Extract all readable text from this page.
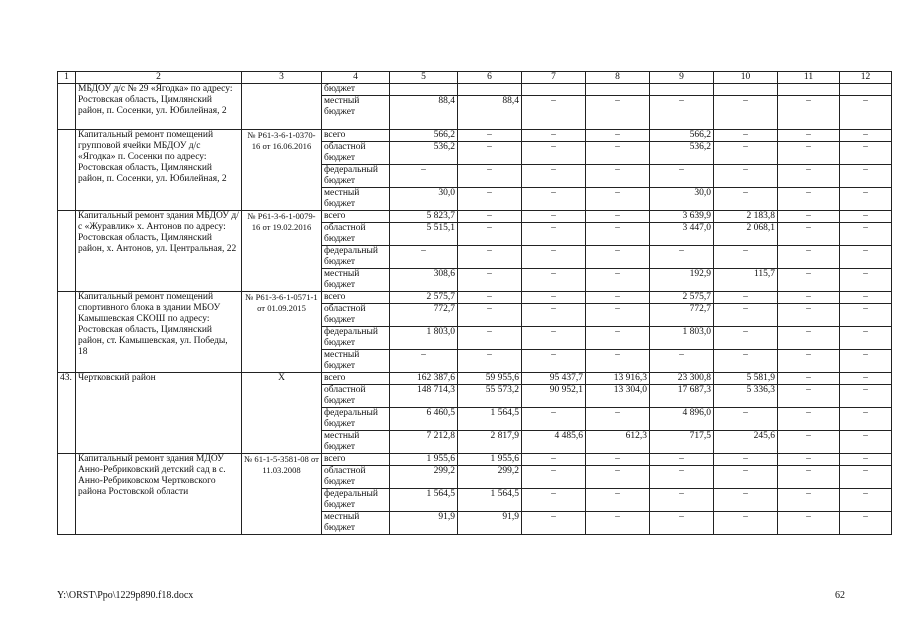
1	2	3	4	5	6	7	8	9	10	11	12
	МБДОУ д/с № 29 «Ягодка» по адресу: Ростовская область, Цимлянский район, п. Сосенки, ул. Юбилейная, 2		бюджет								
			местный бюджет	88,4	88,4	–	–	–	–	–	–
	Капитальный ремонт помещений групповой ячейки МБДОУ д/с «Ягодка» п. Сосенки по адресу: Ростовская область, Цимлянский район, п. Сосенки, ул. Юбилейная, 2	№ Р61-3-6-1-0370-16 от 16.06.2016	всего	566,2	–	–	–	566,2	–	–	–
			областной бюджет	536,2	–	–	–	536,2	–	–	–
			федеральный бюджет	–	–	–	–	–	–	–	–
			местный бюджет	30,0	–	–	–	30,0	–	–	–
	Капитальный ремонт здания МБДОУ д/с «Журавлик» х. Антонов по адресу: Ростовская область, Цимлянский район, х. Антонов, ул. Центральная, 22	№ Р61-3-6-1-0079-16 от 19.02.2016	всего	5 823,7	–	–	–	3 639,9	2 183,8	–	–
			областной бюджет	5 515,1	–	–	–	3 447,0	2 068,1	–	–
			федеральный бюджет	–	–	–	–	–	–	–	–
			местный бюджет	308,6	–	–	–	192,9	115,7	–	–
	Капитальный ремонт помещений спортивного блока в здании МБОУ Камышевская СКОШ по адресу: Ростовская область, Цимлянский район, ст. Камышевская, ул. Победы, 18	№ Р61-3-6-1-0571-1 от 01.09.2015	всего	2 575,7	–	–	–	2 575,7	–	–	–
			областной бюджет	772,7	–	–	–	772,7	–	–	–
			федеральный бюджет	1 803,0	–	–	–	1 803,0	–	–	–
			местный бюджет	–	–	–	–	–	–	–	–
43.	Чертковский район	Х	всего	162 387,6	59 955,6	95 437,7	13 916,3	23 300,8	5 581,9	–	–
			областной бюджет	148 714,3	55 573,2	90 952,1	13 304,0	17 687,3	5 336,3	–	–
			федеральный бюджет	6 460,5	1 564,5	–	–	4 896,0	–	–	–
			местный бюджет	7 212,8	2 817,9	4 485,6	612,3	717,5	245,6	–	–
	Капитальный ремонт здания МДОУ Анно-Ребриковский детский сад в с. Анно-Ребриковском Чертковского района Ростовской области	№ 61-1-5-3581-08 от 11.03.2008	всего	1 955,6	1 955,6	–	–	–	–	–	–
			областной бюджет	299,2	299,2	–	–	–	–	–	–
			федеральный бюджет	1 564,5	1 564,5	–	–	–	–	–	–
			местный бюджет	91,9	91,9	–	–	–	–	–	–
Y:\ORST\Ppo\1229p890.f18.docx	62
